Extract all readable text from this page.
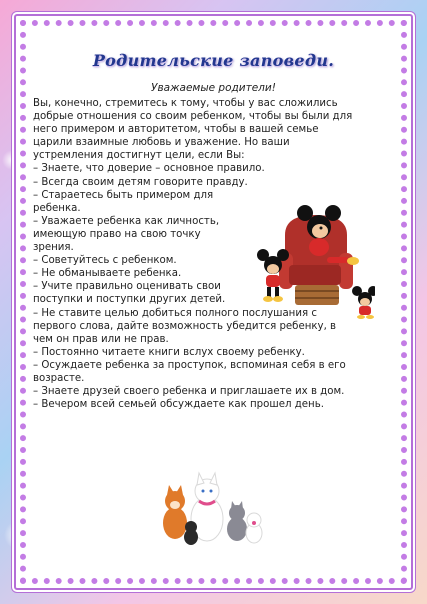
Родительские заповеди.
Уважаемые родители!

Вы, конечно, стремитесь к тому, чтобы у вас сложились

добрые отношения со своим ребенком, чтобы вы были для

него примером и авторитетом, чтобы в вашей семье

царили взаимные любовь и уважение. Но ваши

устремления достигнут цели, если Вы:

– Знаете, что доверие – основное правило.

– Всегда своим детям говорите правду.

– Стараетесь быть примером для

ребенка.

– Уважаете ребенка как личность,

имеющую право на свою точку

зрения.

– Советуйтесь с ребенком.

– Не обманываете ребенка.

– Учите правильно оценивать свои

поступки и поступки других детей.

– Не ставите целью добиться полного послушания с

первого слова, дайте возможность убедится ребенку, в

чем он прав или не прав.

– Постоянно читаете книги вслух своему ребенку.

– Осуждаете ребенка за проступок, вспоминая себя в его

возрасте.

– Знаете друзей своего ребенка и приглашаете их в дом.

– Вечером всей семьей обсуждаете как прошел день.
